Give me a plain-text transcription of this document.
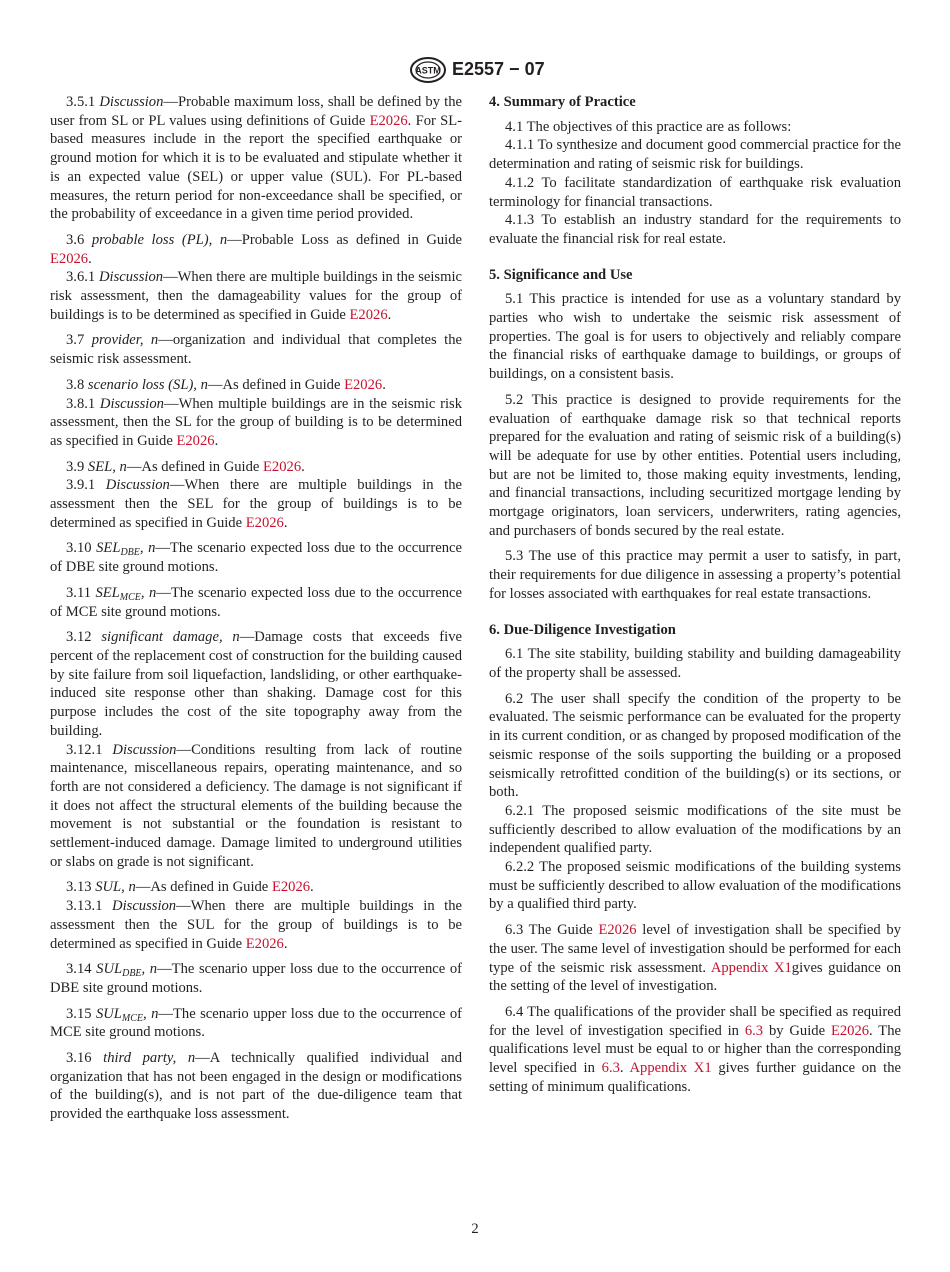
ASTM E2557 − 07

3.5.1 Discussion—Probable maximum loss, shall be defined by the user from SL or PL values using definitions of Guide E2026. For SL-based measures include in the report the specified earthquake or ground motion for which it is to be evaluated and stipulate whether it is an expected value (SEL) or upper value (SUL). For PL-based measures, the return period for non-exceedance shall be specified, or the probability of exceedance in a given time period provided.

3.6 probable loss (PL), n—Probable Loss as defined in Guide E2026.

3.6.1 Discussion—When there are multiple buildings in the seismic risk assessment, then the damageability values for the group of buildings is to be determined as specified in Guide E2026.

3.7 provider, n—organization and individual that completes the seismic risk assessment.

3.8 scenario loss (SL), n—As defined in Guide E2026.

3.8.1 Discussion—When multiple buildings are in the seismic risk assessment, then the SL for the group of building is to be determined as specified in Guide E2026.

3.9 SEL, n—As defined in Guide E2026.

3.9.1 Discussion—When there are multiple buildings in the assessment then the SEL for the group of buildings is to be determined as specified in Guide E2026.

3.10 $SEL_{DBE}$, n—The scenario expected loss due to the occurrence of DBE site ground motions.

3.11 $SEL_{MCE}$, n—The scenario expected loss due to the occurrence of MCE site ground motions.

3.12 significant damage, n—Damage costs that exceeds five percent of the replacement cost of construction for the building caused by site failure from soil liquefaction, landsliding, or other earthquake-induced site response other than shaking. Damage cost for this purpose includes the cost of the site topography away from the building.

3.12.1 Discussion—Conditions resulting from lack of routine maintenance, miscellaneous repairs, operating maintenance, and so forth are not considered a deficiency. The damage is not significant if it does not affect the structural elements of the building because the movement is not substantial or the foundation is resistant to settlement-induced damage. Damage limited to underground utilities or slabs on grade is not significant.

3.13 SUL, n—As defined in Guide E2026.

3.13.1 Discussion—When there are multiple buildings in the assessment then the SUL for the group of buildings is to be determined as specified in Guide E2026.

3.14 $SUL_{DBE}$, n—The scenario upper loss due to the occurrence of DBE site ground motions.

3.15 $SUL_{MCE}$, n—The scenario upper loss due to the occurrence of MCE site ground motions.

3.16 third party, n—A technically qualified individual and organization that has not been engaged in the design or modifications of the building(s), and is not part of the due-diligence team that provided the earthquake loss assessment.

4. Summary of Practice

4.1 The objectives of this practice are as follows:

4.1.1 To synthesize and document good commercial practice for the determination and rating of seismic risk for buildings.

4.1.2 To facilitate standardization of earthquake risk evaluation terminology for financial transactions.

4.1.3 To establish an industry standard for the requirements to evaluate the financial risk for real estate.

5. Significance and Use

5.1 This practice is intended for use as a voluntary standard by parties who wish to undertake the seismic risk assessment of properties. The goal is for users to objectively and reliably compare the financial risks of earthquake damage to buildings, or groups of buildings, on a consistent basis.

5.2 This practice is designed to provide requirements for the evaluation of earthquake damage risk so that technical reports prepared for the evaluation and rating of seismic risk of a building(s) will be adequate for use by other entities. Potential users including, but are not be limited to, those making equity investments, lending, and financial transactions, including securitized mortgage lending by mortgage originators, loan servicers, underwriters, rating agencies, and purchasers of bonds secured by the real estate.

5.3 The use of this practice may permit a user to satisfy, in part, their requirements for due diligence in assessing a property’s potential for losses associated with earthquakes for real estate transactions.

6. Due-Diligence Investigation

6.1 The site stability, building stability and building damageability of the property shall be assessed.

6.2 The user shall specify the condition of the property to be evaluated. The seismic performance can be evaluated for the property in its current condition, or as changed by proposed modification of the seismic response of the soils supporting the building or a proposed seismically retrofitted condition of the building(s) or its sections, or both.

6.2.1 The proposed seismic modifications of the site must be sufficiently described to allow evaluation of the modifications by an independent qualified party.

6.2.2 The proposed seismic modifications of the building systems must be sufficiently described to allow evaluation of the modifications by a qualified third party.

6.3 The Guide E2026 level of investigation shall be specified by the user. The same level of investigation should be performed for each type of the seismic risk assessment. Appendix X1gives guidance on the setting of the level of investigation.

6.4 The qualifications of the provider shall be specified as required for the level of investigation specified in 6.3 by Guide E2026. The qualifications level must be equal to or higher than the corresponding level specified in 6.3. Appendix X1 gives further guidance on the setting of minimum qualifications.

2
